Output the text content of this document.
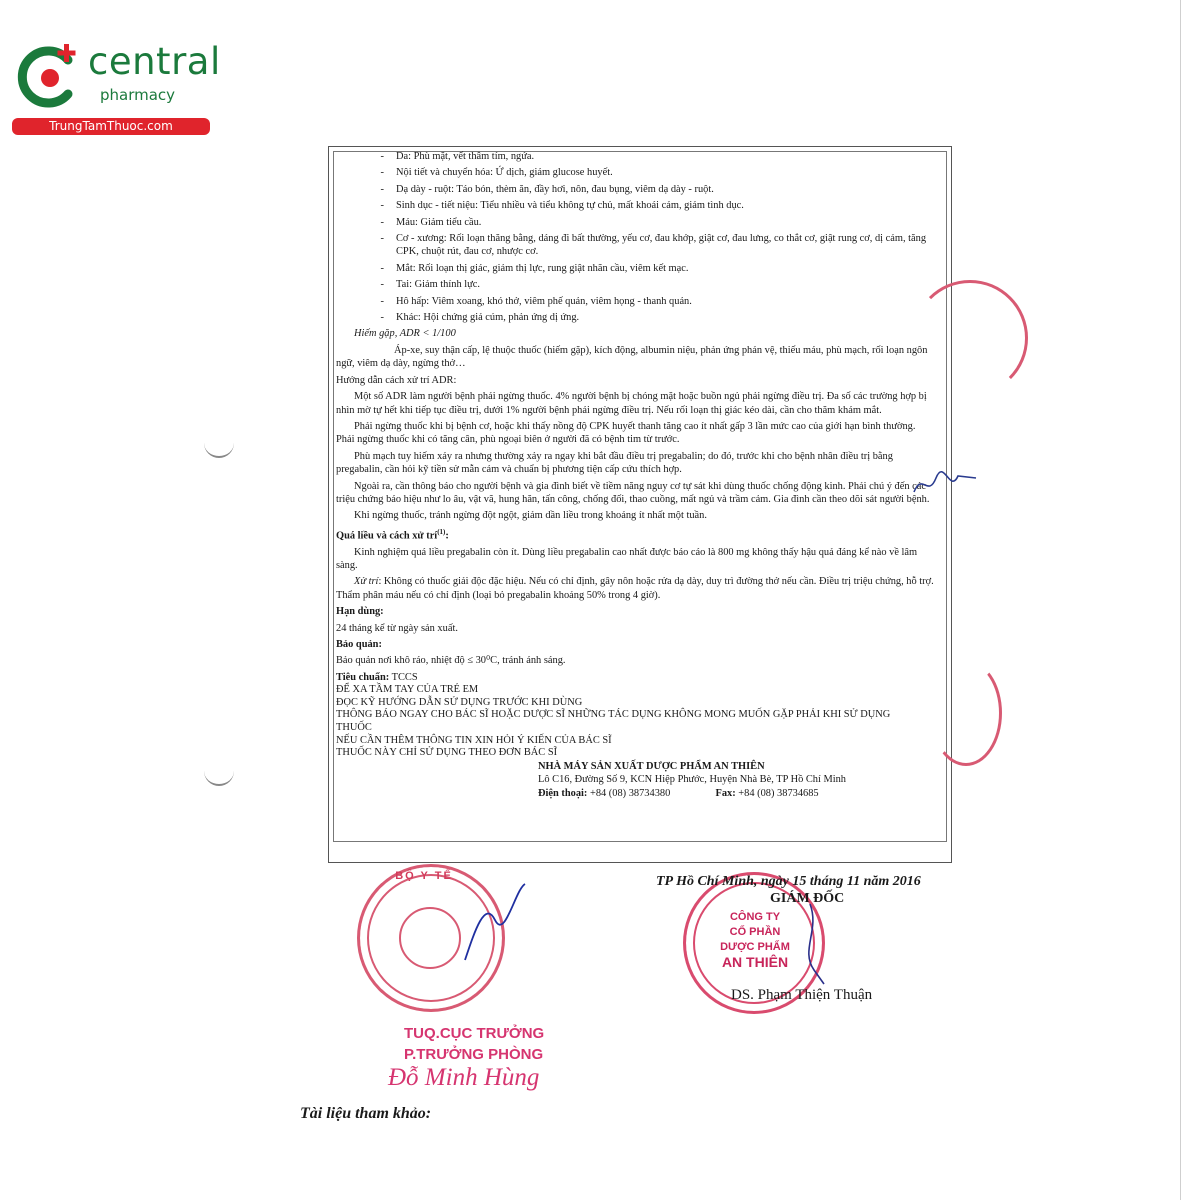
central
pharmacy
TrungTamThuoc.com
-	Da: Phù mặt, vết thâm tím, ngứa.
-	Nội tiết và chuyển hóa: Ứ dịch, giảm glucose huyết.
-	Dạ dày - ruột: Táo bón, thèm ăn, đầy hơi, nôn, đau bụng, viêm dạ dày - ruột.
-	Sinh dục - tiết niệu: Tiểu nhiều và tiểu không tự chủ, mất khoái cảm, giảm tình dục.
-	Máu: Giảm tiểu cầu.
-	Cơ - xương: Rối loạn thăng bằng, dáng đi bất thường, yếu cơ, đau khớp, giật cơ, đau lưng, co thắt cơ, giật rung cơ, dị cảm, tăng CPK, chuột rút, đau cơ, nhược cơ.
-	Mắt: Rối loạn thị giác, giảm thị lực, rung giật nhãn cầu, viêm kết mạc.
-	Tai: Giảm thính lực.
-	Hô hấp: Viêm xoang, khó thở, viêm phế quản, viêm họng - thanh quản.
-	Khác: Hội chứng giả cúm, phản ứng dị ứng.

Hiếm gặp, ADR < 1/100

Áp-xe, suy thận cấp, lệ thuộc thuốc (hiếm gặp), kích động, albumin niệu, phản ứng phản vệ, thiếu máu, phù mạch, rối loạn ngôn ngữ, viêm dạ dày, ngừng thở…

Hướng dẫn cách xử trí ADR:

Một số ADR làm người bệnh phải ngừng thuốc. 4% người bệnh bị chóng mặt hoặc buồn ngủ phải ngừng điều trị. Đa số các trường hợp bị nhìn mờ tự hết khi tiếp tục điều trị, dưới 1% người bệnh phải ngừng điều trị. Nếu rối loạn thị giác kéo dài, cần cho thăm khám mắt.

Phải ngừng thuốc khi bị bệnh cơ, hoặc khi thấy nồng độ CPK huyết thanh tăng cao ít nhất gấp 3 lần mức cao của giới hạn bình thường. Phải ngừng thuốc khi có tăng cân, phù ngoại biên ở người đã có bệnh tim từ trước.

Phù mạch tuy hiếm xảy ra nhưng thường xảy ra ngay khi bắt đầu điều trị pregabalin; do đó, trước khi cho bệnh nhân điều trị bằng pregabalin, cần hỏi kỹ tiền sử mẫn cảm và chuẩn bị phương tiện cấp cứu thích hợp.

Ngoài ra, cần thông báo cho người bệnh và gia đình biết về tiềm năng nguy cơ tự sát khi dùng thuốc chống động kinh. Phải chú ý đến các triệu chứng báo hiệu như lo âu, vật vã, hung hăn, tấn công, chống đối, thao cuồng, mất ngủ và trầm cảm. Gia đình cần theo dõi sát người bệnh.

Khi ngừng thuốc, tránh ngừng đột ngột, giảm dần liều trong khoảng ít nhất một tuần.

Quá liều và cách xử trí$^{(1)}$:

Kinh nghiệm quá liều pregabalin còn ít. Dùng liều pregabalin cao nhất được báo cáo là 800 mg không thấy hậu quả đáng kể nào về lâm sàng.

Xử trí: Không có thuốc giải độc đặc hiệu. Nếu có chỉ định, gây nôn hoặc rửa dạ dày, duy trì đường thở nếu cần. Điều trị triệu chứng, hỗ trợ. Thẩm phân máu nếu có chỉ định (loại bỏ pregabalin khoảng 50% trong 4 giờ).

Hạn dùng:

24 tháng kể từ ngày sản xuất.

Bảo quản:

Bảo quản nơi khô ráo, nhiệt độ ≤ 30⁰C, tránh ánh sáng.

Tiêu chuẩn: TCCS

ĐỂ XA TẦM TAY CỦA TRẺ EM
ĐỌC KỸ HƯỚNG DẪN SỬ DỤNG TRƯỚC KHI DÙNG
THÔNG BÁO NGAY CHO BÁC SĨ HOẶC DƯỢC SĨ NHỮNG TÁC DỤNG KHÔNG MONG MUỐN GẶP PHẢI KHI SỬ DỤNG THUỐC
NẾU CẦN THÊM THÔNG TIN XIN HỎI Ý KIẾN CỦA BÁC SĨ
THUỐC NÀY CHỈ SỬ DỤNG THEO ĐƠN BÁC SĨ
NHÀ MÁY SẢN XUẤT DƯỢC PHẨM AN THIÊN
Lô C16, Đường Số 9, KCN Hiệp Phước, Huyện Nhà Bè, TP Hồ Chí Minh
Điện thoại: +84 (08) 38734380	Fax: +84 (08) 38734685
BỘ Y TẾ
CÔNG TY
CỔ PHẦN
DƯỢC PHẨM
AN THIÊN
TP Hồ Chí Minh, ngày 15 tháng 11 năm 2016
GIÁM ĐỐC
DS. Phạm Thiện Thuận
TUQ.CỤC TRƯỞNG
P.TRƯỞNG PHÒNG
Đỗ Minh Hùng
Tài liệu tham khảo:
